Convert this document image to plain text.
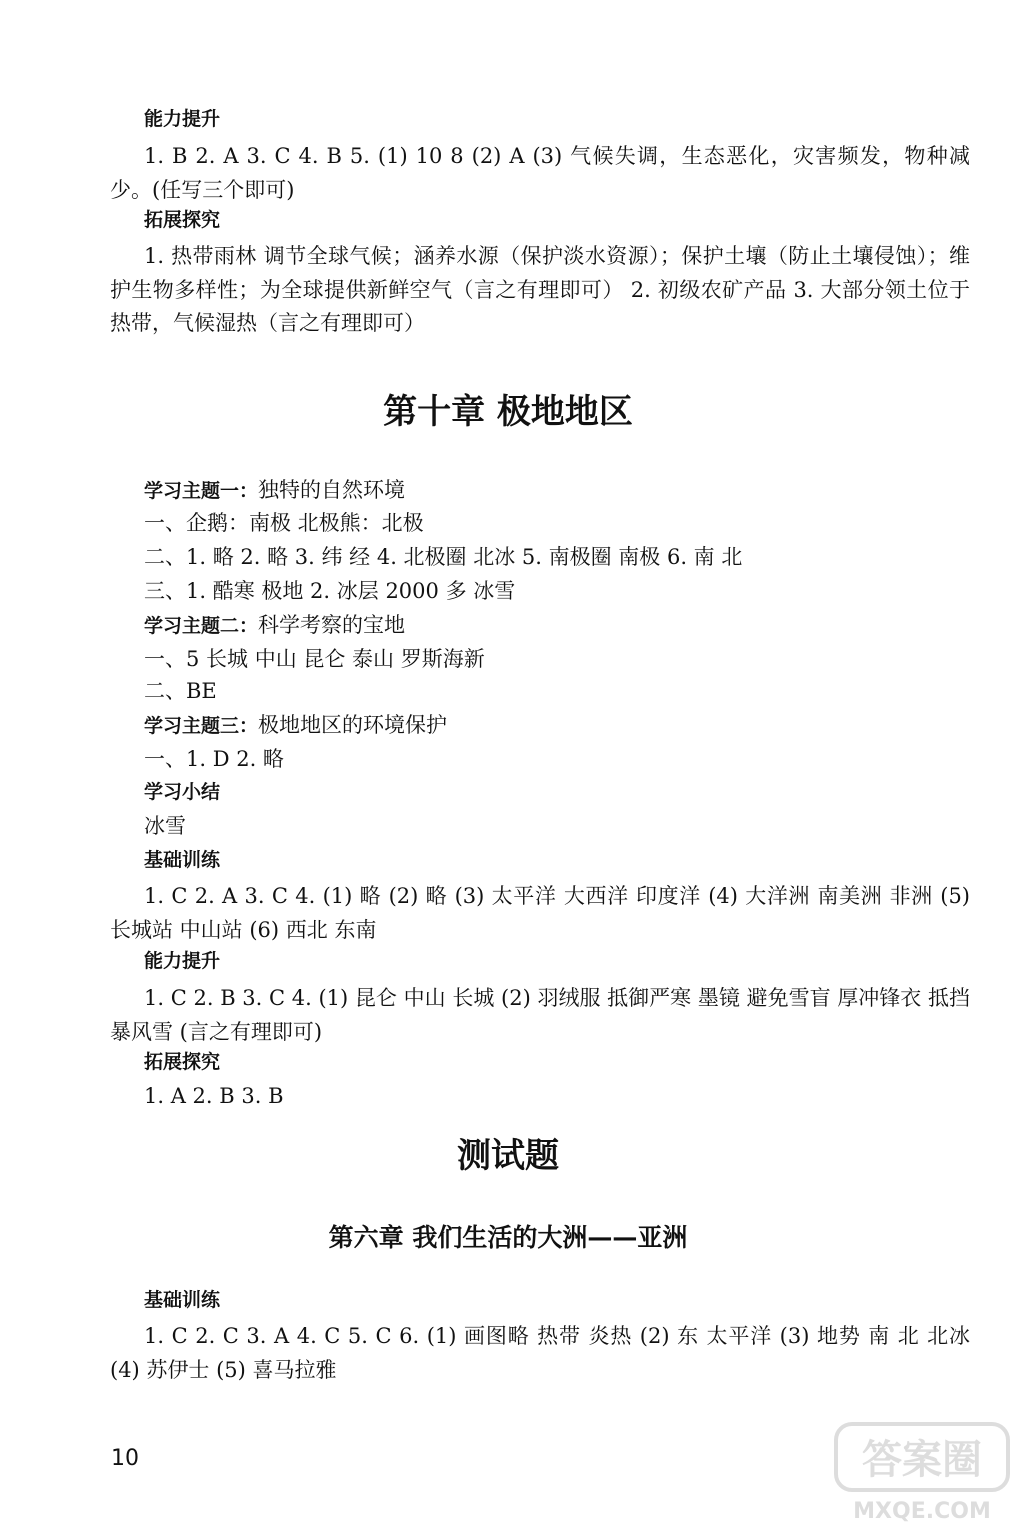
能力提升
1. B 2. A 3. C 4. B 5. (1) 10 8 (2) A (3) 气候失调，生态恶化，灾害频发，物种减少。(任写三个即可)
拓展探究
1. 热带雨林 调节全球气候；涵养水源（保护淡水资源）；保护土壤（防止土壤侵蚀）；维护生物多样性；为全球提供新鲜空气（言之有理即可） 2. 初级农矿产品 3. 大部分领土位于热带，气候湿热（言之有理即可）
第十章 极地地区
学习主题一：独特的自然环境
一、企鹅：南极 北极熊：北极
二、1. 略 2. 略 3. 纬 经 4. 北极圈 北冰 5. 南极圈 南极 6. 南 北
三、1. 酷寒 极地 2. 冰层 2000 多 冰雪
学习主题二：科学考察的宝地
一、5 长城 中山 昆仑 泰山 罗斯海新
二、BE
学习主题三：极地地区的环境保护
一、1. D 2. 略
学习小结
冰雪
基础训练
1. C 2. A 3. C 4. (1) 略 (2) 略 (3) 太平洋 大西洋 印度洋 (4) 大洋洲 南美洲 非洲 (5) 长城站 中山站 (6) 西北 东南
能力提升
1. C 2. B 3. C 4. (1) 昆仑 中山 长城 (2) 羽绒服 抵御严寒 墨镜 避免雪盲 厚冲锋衣 抵挡暴风雪 (言之有理即可)
拓展探究
1. A 2. B 3. B
测试题
第六章 我们生活的大洲——亚洲
基础训练
1. C 2. C 3. A 4. C 5. C 6. (1) 画图略 热带 炎热 (2) 东 太平洋 (3) 地势 南 北 北冰 (4) 苏伊士 (5) 喜马拉雅
10	答案圈
MXQE.COM
